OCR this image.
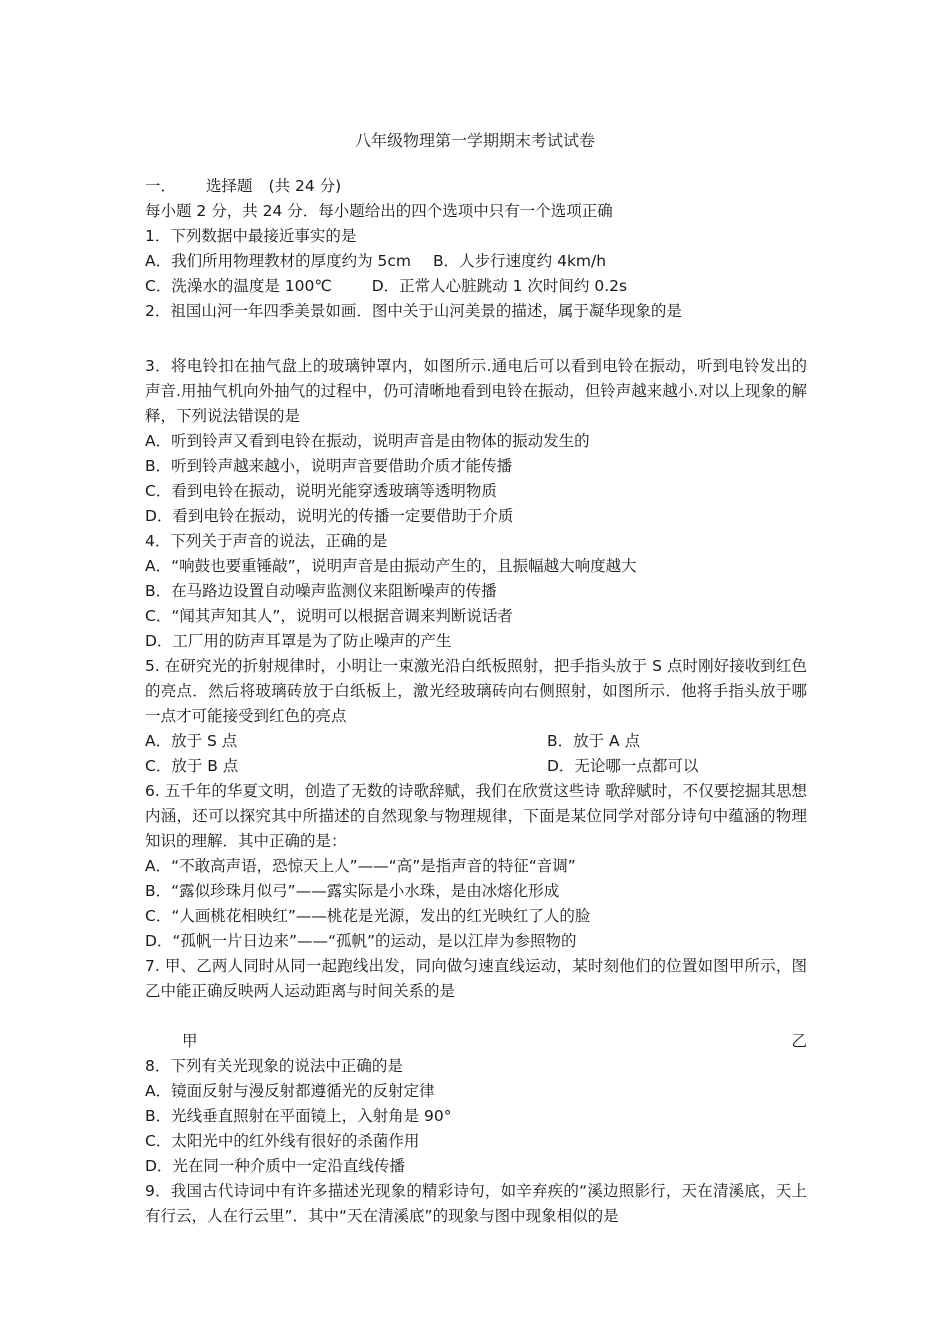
八年级物理第一学期期末考试试卷
一． 选择题 (共 24 分)
每小题 2 分，共 24 分．每小题给出的四个选项中只有一个选项正确
1．下列数据中最接近事实的是
A．我们所用物理教材的厚度约为 5cm B．人步行速度约 4km/h
C．洗澡水的温度是 100℃	D．正常人心脏跳动 1 次时间约 0.2s
2．祖国山河一年四季美景如画．图中关于山河美景的描述，属于凝华现象的是
3．将电铃扣在抽气盘上的玻璃钟罩内，如图所示.通电后可以看到电铃在振动，听到电铃发出的声音.用抽气机向外抽气的过程中，仍可清晰地看到电铃在振动，但铃声越来越小.对以上现象的解释，下列说法错误的是
A．听到铃声又看到电铃在振动，说明声音是由物体的振动发生的
B．听到铃声越来越小，说明声音要借助介质才能传播
C．看到电铃在振动，说明光能穿透玻璃等透明物质
D．看到电铃在振动，说明光的传播一定要借助于介质
4．下列关于声音的说法，正确的是
A．“响鼓也要重锤敲”，说明声音是由振动产生的，且振幅越大响度越大
B．在马路边设置自动噪声监测仪来阻断噪声的传播
C．“闻其声知其人”，说明可以根据音调来判断说话者
D．工厂用的防声耳罩是为了防止噪声的产生
5. 在研究光的折射规律时，小明让一束激光沿白纸板照射，把手指头放于 S 点时刚好接收到红色的亮点．然后将玻璃砖放于白纸板上，激光经玻璃砖向右侧照射，如图所示．他将手指头放于哪一点才可能接受到红色的亮点
A．放于 S 点	B．放于 A 点
C．放于 B 点	D．无论哪一点都可以
6. 五千年的华夏文明，创造了无数的诗歌辞赋，我们在欣赏这些诗 歌辞赋时，不仅要挖掘其思想内涵，还可以探究其中所描述的自然现象与物理规律，下面是某位同学对部分诗句中蕴涵的物理知识的理解．其中正确的是：
A．“不敢高声语，恐惊天上人”——“高”是指声音的特征“音调”
B．“露似珍珠月似弓”——露实际是小水珠，是由冰熔化形成
C．“人画桃花相映红”——桃花是光源，发出的红光映红了人的脸
D．“孤帆一片日边来”——“孤帆”的运动，是以江岸为参照物的
7. 甲、乙两人同时从同一起跑线出发，同向做匀速直线运动，某时刻他们的位置如图甲所示，图乙中能正确反映两人运动距离与时间关系的是
甲	乙
8．下列有关光现象的说法中正确的是
A．镜面反射与漫反射都遵循光的反射定律
B．光线垂直照射在平面镜上，入射角是 90°
C．太阳光中的红外线有很好的杀菌作用
D．光在同一种介质中一定沿直线传播
9．我国古代诗词中有许多描述光现象的精彩诗句，如辛弃疾的“溪边照影行，天在清溪底，天上有行云，人在行云里”．其中“天在清溪底”的现象与图中现象相似的是
